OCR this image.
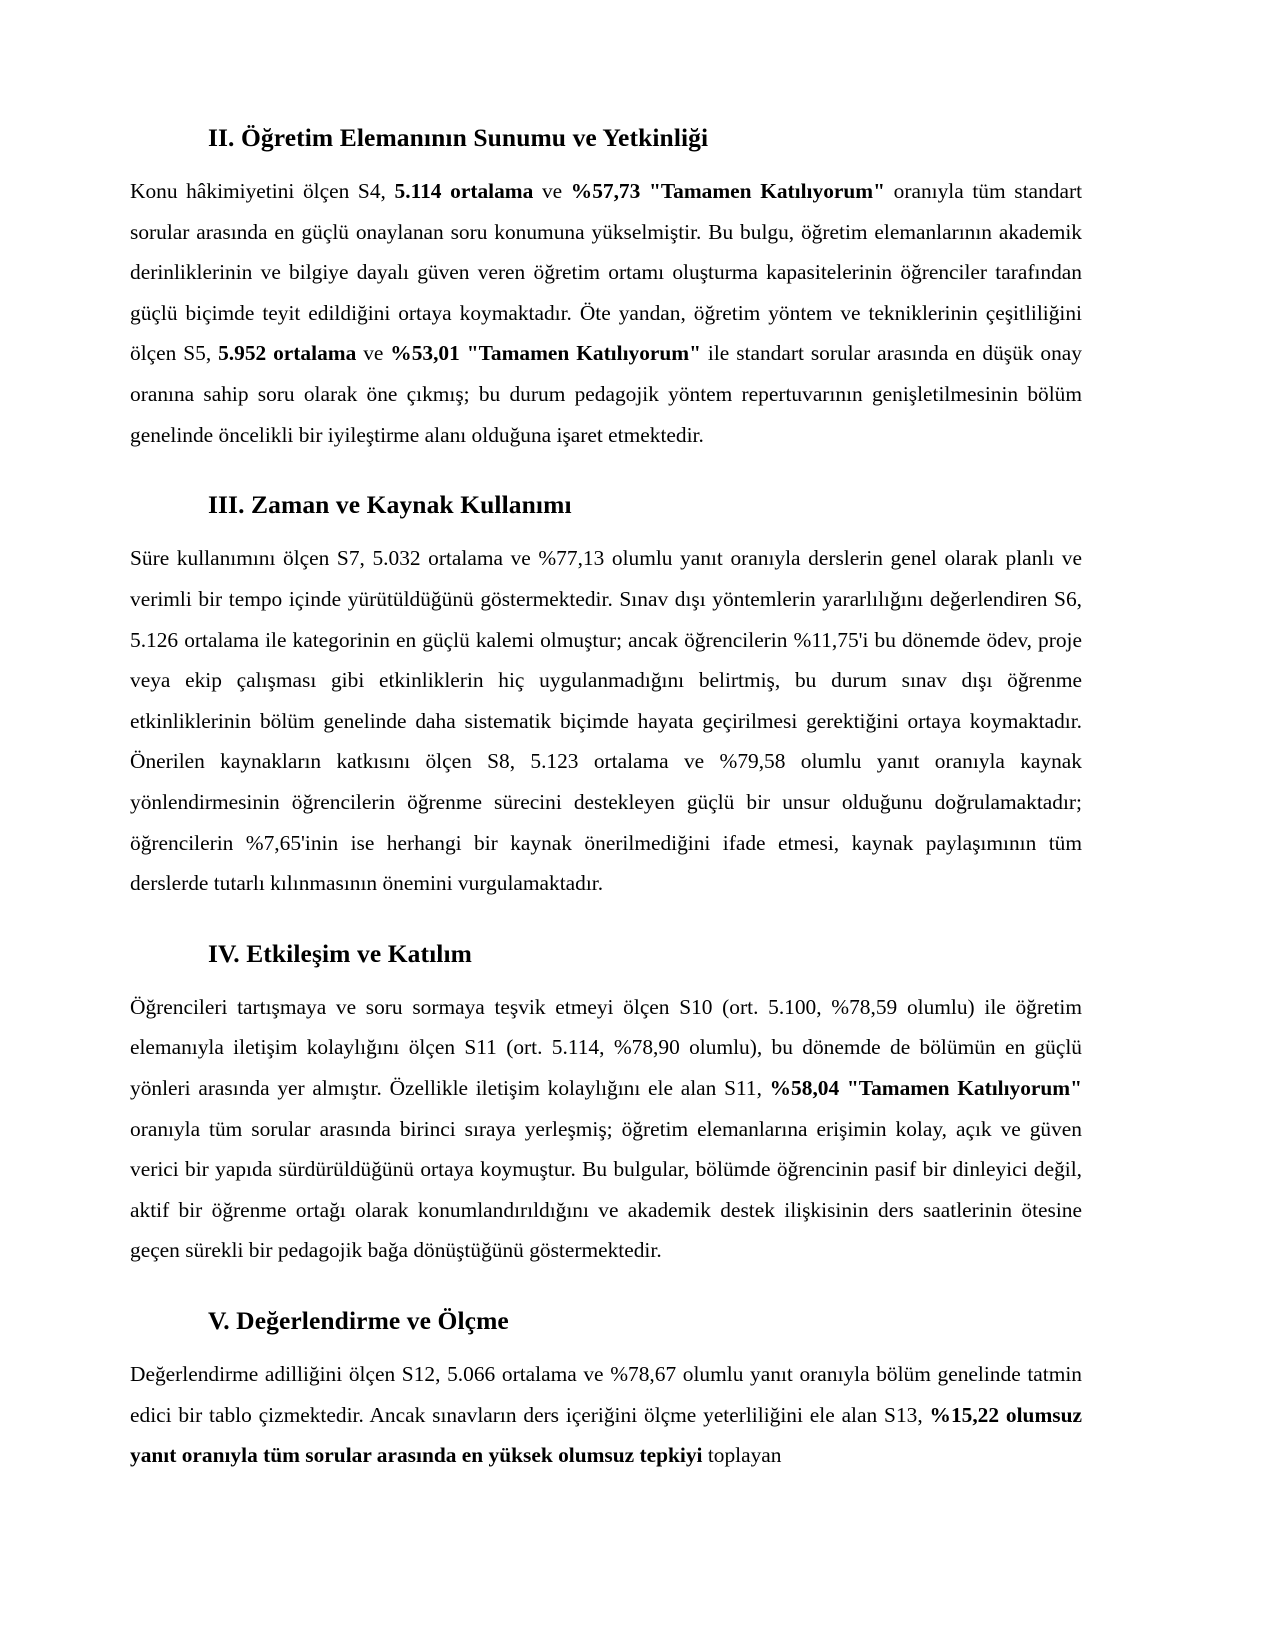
II. Öğretim Elemanının Sunumu ve Yetkinliği

Konu hâkimiyetini ölçen S4, 5.114 ortalama ve %57,73 "Tamamen Katılıyorum" oranıyla tüm standart sorular arasında en güçlü onaylanan soru konumuna yükselmiştir. Bu bulgu, öğretim elemanlarının akademik derinliklerinin ve bilgiye dayalı güven veren öğretim ortamı oluşturma kapasitelerinin öğrenciler tarafından güçlü biçimde teyit edildiğini ortaya koymaktadır. Öte yandan, öğretim yöntem ve tekniklerinin çeşitliliğini ölçen S5, 5.952 ortalama ve %53,01 "Tamamen Katılıyorum" ile standart sorular arasında en düşük onay oranına sahip soru olarak öne çıkmış; bu durum pedagojik yöntem repertuvarının genişletilmesinin bölüm genelinde öncelikli bir iyileştirme alanı olduğuna işaret etmektedir.

III. Zaman ve Kaynak Kullanımı

Süre kullanımını ölçen S7, 5.032 ortalama ve %77,13 olumlu yanıt oranıyla derslerin genel olarak planlı ve verimli bir tempo içinde yürütüldüğünü göstermektedir. Sınav dışı yöntemlerin yararlılığını değerlendiren S6, 5.126 ortalama ile kategorinin en güçlü kalemi olmuştur; ancak öğrencilerin %11,75'i bu dönemde ödev, proje veya ekip çalışması gibi etkinliklerin hiç uygulanmadığını belirtmiş, bu durum sınav dışı öğrenme etkinliklerinin bölüm genelinde daha sistematik biçimde hayata geçirilmesi gerektiğini ortaya koymaktadır. Önerilen kaynakların katkısını ölçen S8, 5.123 ortalama ve %79,58 olumlu yanıt oranıyla kaynak yönlendirmesinin öğrencilerin öğrenme sürecini destekleyen güçlü bir unsur olduğunu doğrulamaktadır; öğrencilerin %7,65'inin ise herhangi bir kaynak önerilmediğini ifade etmesi, kaynak paylaşımının tüm derslerde tutarlı kılınmasının önemini vurgulamaktadır.

IV. Etkileşim ve Katılım

Öğrencileri tartışmaya ve soru sormaya teşvik etmeyi ölçen S10 (ort. 5.100, %78,59 olumlu) ile öğretim elemanıyla iletişim kolaylığını ölçen S11 (ort. 5.114, %78,90 olumlu), bu dönemde de bölümün en güçlü yönleri arasında yer almıştır. Özellikle iletişim kolaylığını ele alan S11, %58,04 "Tamamen Katılıyorum" oranıyla tüm sorular arasında birinci sıraya yerleşmiş; öğretim elemanlarına erişimin kolay, açık ve güven verici bir yapıda sürdürüldüğünü ortaya koymuştur. Bu bulgular, bölümde öğrencinin pasif bir dinleyici değil, aktif bir öğrenme ortağı olarak konumlandırıldığını ve akademik destek ilişkisinin ders saatlerinin ötesine geçen sürekli bir pedagojik bağa dönüştüğünü göstermektedir.

V. Değerlendirme ve Ölçme

Değerlendirme adilliğini ölçen S12, 5.066 ortalama ve %78,67 olumlu yanıt oranıyla bölüm genelinde tatmin edici bir tablo çizmektedir. Ancak sınavların ders içeriğini ölçme yeterliliğini ele alan S13, %15,22 olumsuz yanıt oranıyla tüm sorular arasında en yüksek olumsuz tepkiyi toplayan
